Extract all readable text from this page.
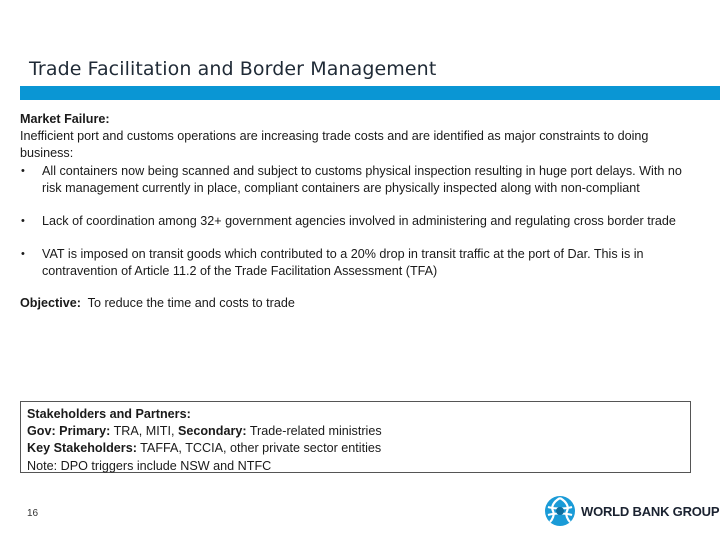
Trade Facilitation and Border Management
Market Failure:
Inefficient port and customs operations are increasing trade costs and are identified as major constraints to doing business:
• All containers now being scanned and subject to customs physical inspection resulting in huge port delays. With no risk management currently in place, compliant containers are physically inspected along with non-compliant
• Lack of coordination among 32+ government agencies involved in administering and regulating cross border trade
• VAT is imposed on transit goods which contributed to a 20% drop in transit traffic at the port of Dar. This is in contravention of Article 11.2 of the Trade Facilitation Assessment (TFA)
Objective: To reduce the time and costs to trade
Stakeholders and Partners:
Gov: Primary: TRA, MITI, Secondary: Trade-related ministries
Key Stakeholders: TAFFA, TCCIA, other private sector entities
Note: DPO triggers include NSW and NTFC
16	WORLD BANK GROUP
